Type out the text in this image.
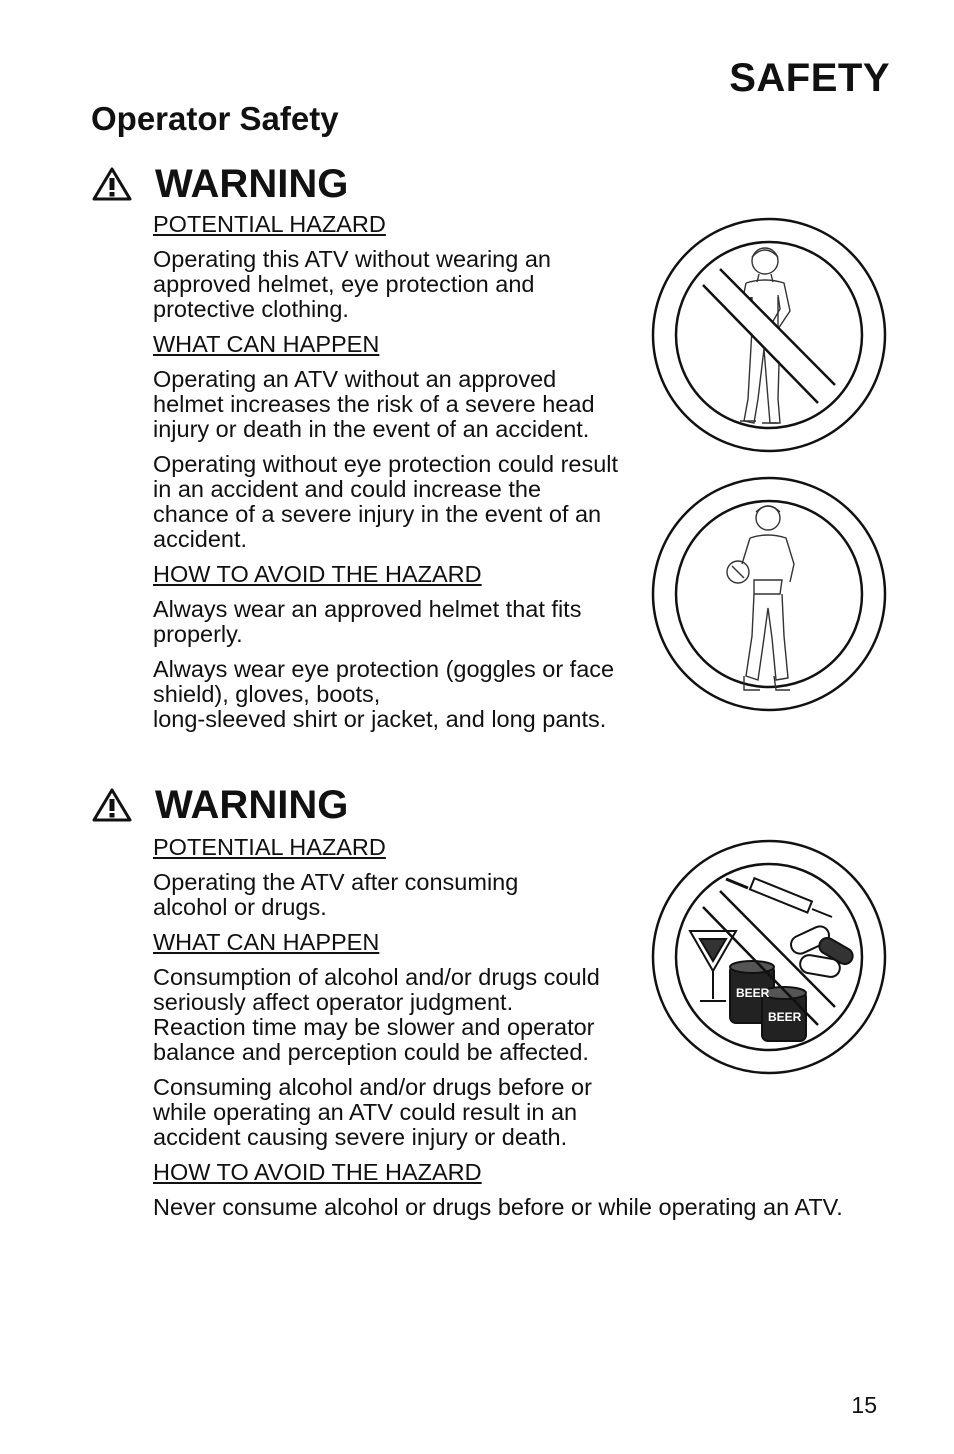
SAFETY
Operator Safety
WARNING

POTENTIAL HAZARD

Operating this ATV without wearing an approved helmet, eye protection and protective clothing.

WHAT CAN HAPPEN

Operating an ATV without an approved helmet increases the risk of a severe head injury or death in the event of an accident.

Operating without eye protection could result in an accident and could increase the chance of a severe injury in the event of an accident.

HOW TO AVOID THE HAZARD

Always wear an approved helmet that fits properly.

Always wear eye protection (goggles or face shield), gloves, boots,

long-sleeved shirt or jacket, and long pants.

WARNING

POTENTIAL HAZARD

Operating the ATV after consuming alcohol or drugs.

WHAT CAN HAPPEN

Consumption of alcohol and/or drugs could seriously affect operator judgment. Reaction time may be slower and operator balance and perception could be affected.

Consuming alcohol and/or drugs before or while operating an ATV could result in an accident causing severe injury or death.

HOW TO AVOID THE HAZARD

Never consume alcohol or drugs before or while operating an ATV.

BEER
BEER
15
